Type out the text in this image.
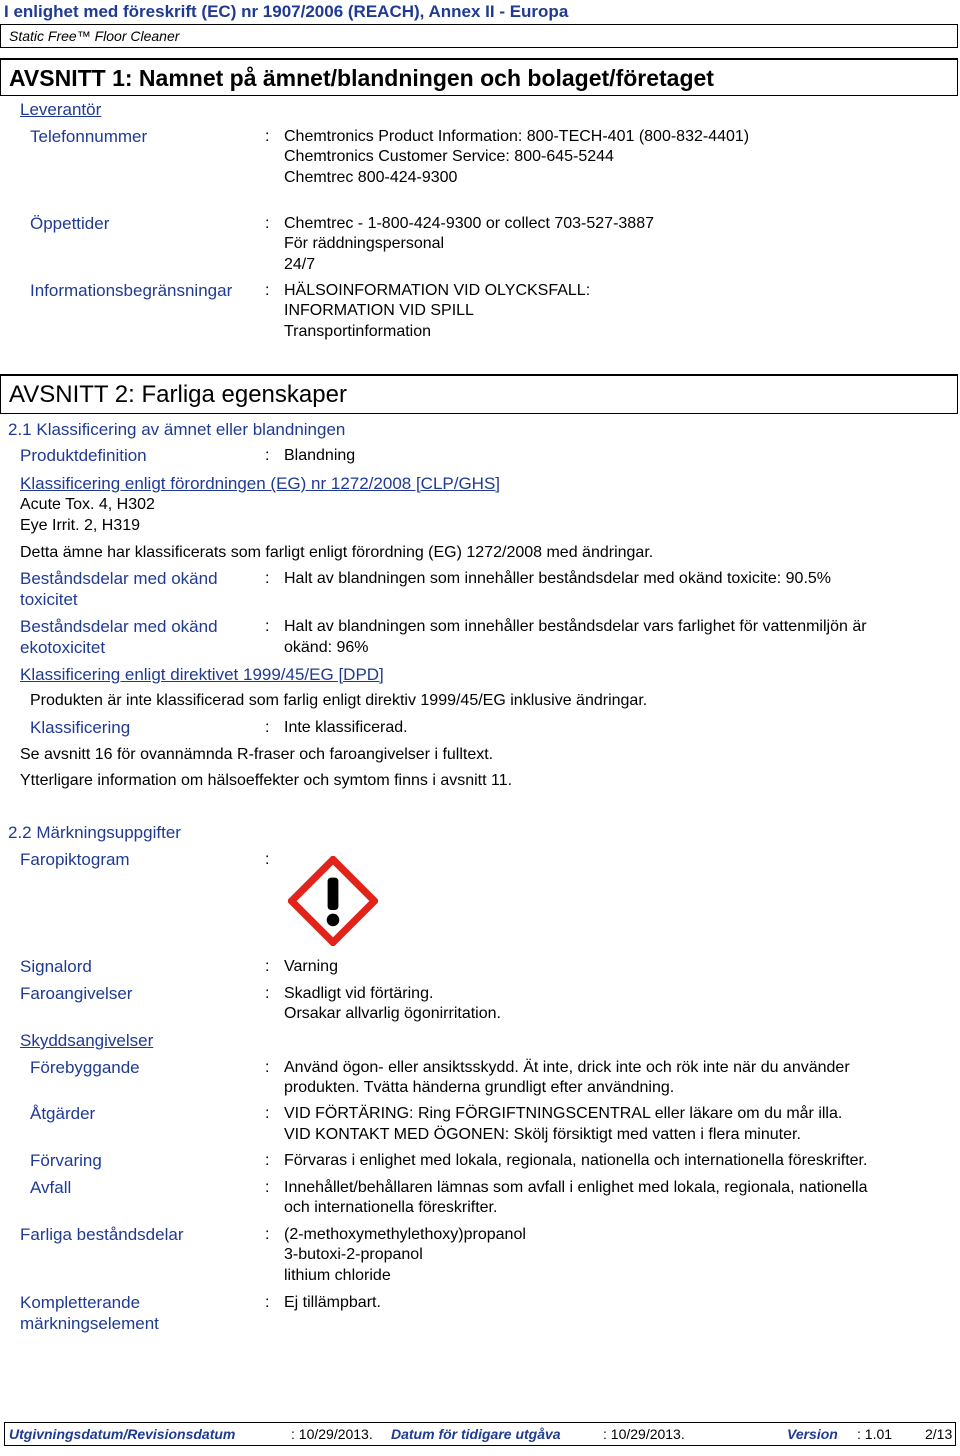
I enlighet med föreskrift (EC) nr 1907/2006 (REACH), Annex II - Europa
Static Free™ Floor Cleaner
AVSNITT 1: Namnet på ämnet/blandningen och bolaget/företaget
Leverantör
Telefonnummer	: Chemtronics Product Information: 800-TECH-401 (800-832-4401)
Chemtronics Customer Service: 800-645-5244
Chemtrec 800-424-9300
Öppettider	: Chemtrec - 1-800-424-9300 or collect 703-527-3887
För räddningspersonal
24/7
Informationsbegränsningar : HÄLSOINFORMATION VID OLYCKSFALL:
INFORMATION VID SPILL
Transportinformation
AVSNITT 2: Farliga egenskaper
2.1 Klassificering av ämnet eller blandningen
Produktdefinition	: Blandning
Klassificering enligt förordningen (EG) nr 1272/2008 [CLP/GHS]
Acute Tox. 4, H302
Eye Irrit. 2, H319
Detta ämne har klassificerats som farligt enligt förordning (EG) 1272/2008 med ändringar.
Beståndsdelar med okänd
toxicitet
: Halt av blandningen som innehåller beståndsdelar med okänd toxicite: 90.5%
Beståndsdelar med okänd
ekotoxicitet
: Halt av blandningen som innehåller beståndsdelar vars farlighet för vattenmiljön är
okänd: 96%
Klassificering enligt direktivet 1999/45/EG [DPD]
Produkten är inte klassificerad som farlig enligt direktiv 1999/45/EG inklusive ändringar.
Klassificering	: Inte klassificerad.
Se avsnitt 16 för ovannämnda R-fraser och faroangivelser i fulltext.
Ytterligare information om hälsoeffekter och symtom finns i avsnitt 11.
2.2 Märkningsuppgifter
Faropiktogram	:
Signalord	: Varning
Faroangivelser	: Skadligt vid förtäring.
Orsakar allvarlig ögonirritation.
Skyddsangivelser
Förebyggande	: Använd ögon- eller ansiktsskydd. Ät inte, drick inte och rök inte när du använder
produkten. Tvätta händerna grundligt efter användning.
Åtgärder	: VID FÖRTÄRING: Ring FÖRGIFTNINGSCENTRAL eller läkare om du mår illa.
VID KONTAKT MED ÖGONEN: Skölj försiktigt med vatten i flera minuter.
Förvaring	: Förvaras i enlighet med lokala, regionala, nationella och internationella föreskrifter.
Avfall	: Innehållet/behållaren lämnas som avfall i enlighet med lokala, regionala, nationella
och internationella föreskrifter.
Farliga beståndsdelar	: (2-methoxymethylethoxy)propanol
3-butoxi-2-propanol
lithium chloride
Kompletterande
märkningselement
: Ej tillämpbart.
Utgivningsdatum/Revisionsdatum	: 10/29/2013. Datum för tidigare utgåva	: 10/29/2013.	Version : 1.01 2/13
